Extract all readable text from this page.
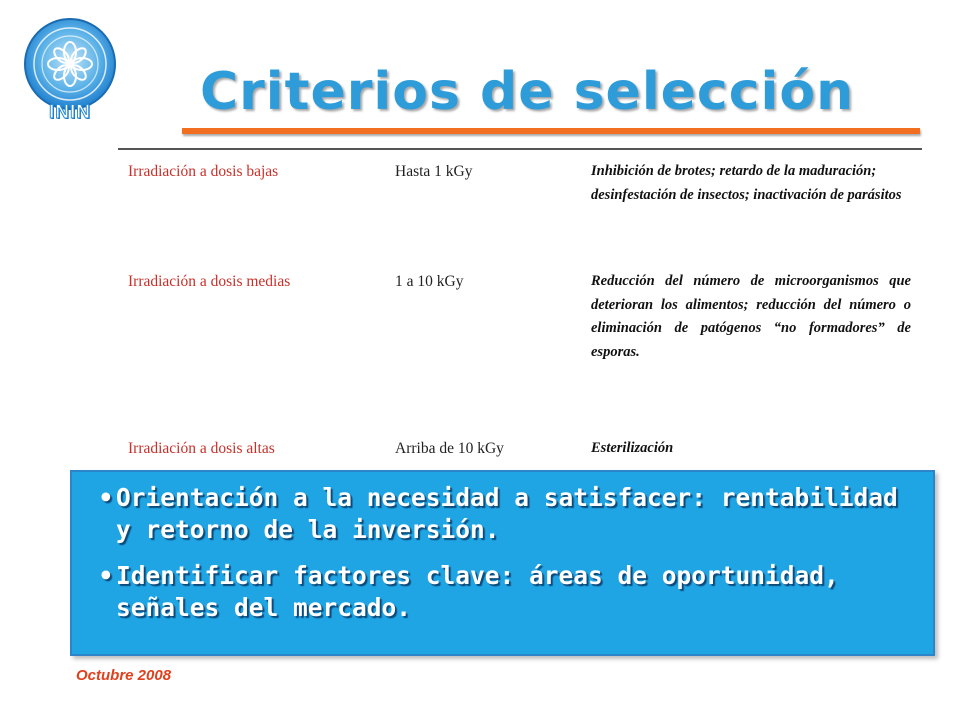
ININ	Criterios de selección
Irradiación a dosis bajas	Hasta 1 kGy	Inhibición de brotes; retardo de la maduración; desinfestación de insectos; inactivación de parásitos
Irradiación a dosis medias	1 a 10 kGy	Reducción del número de microorganismos que deterioran los alimentos; reducción del número o eliminación de patógenos “no formadores” de esporas.
Irradiación a dosis altas	Arriba de 10 kGy	Esterilización
• Orientación a la necesidad a satisfacer: rentabilidad y retorno de la inversión.
• Identificar factores clave: áreas de oportunidad, señales del mercado.
Octubre 2008
